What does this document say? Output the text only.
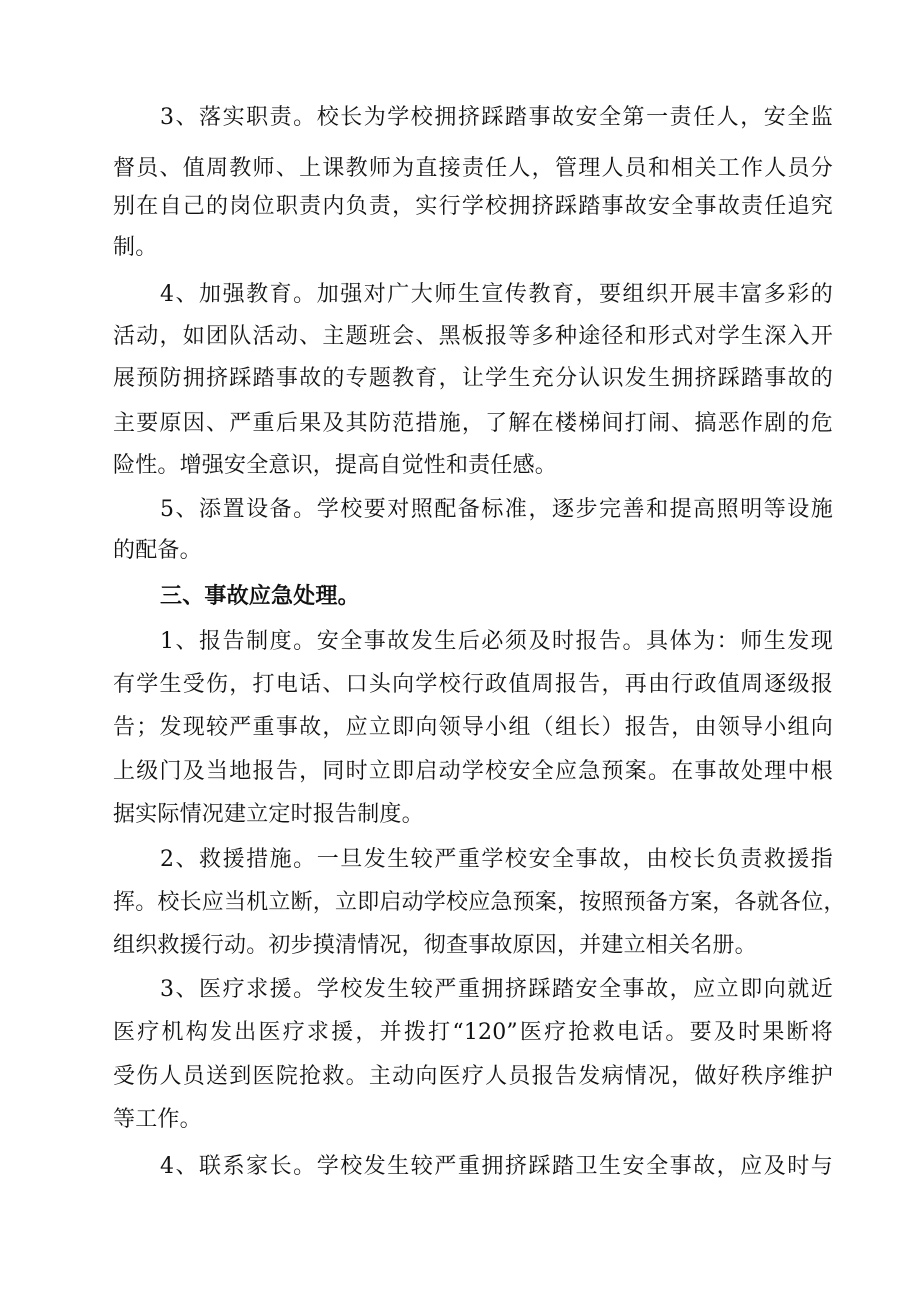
3、落实职责。校长为学校拥挤踩踏事故安全第一责任人，安全监
督员、值周教师、上课教师为直接责任人，管理人员和相关工作人员分
别在自己的岗位职责内负责，实行学校拥挤踩踏事故安全事故责任追究
制。
4、加强教育。加强对广大师生宣传教育，要组织开展丰富多彩的
活动，如团队活动、主题班会、黑板报等多种途径和形式对学生深入开
展预防拥挤踩踏事故的专题教育，让学生充分认识发生拥挤踩踏事故的
主要原因、严重后果及其防范措施，了解在楼梯间打闹、搞恶作剧的危
险性。增强安全意识，提高自觉性和责任感。
5、添置设备。学校要对照配备标准，逐步完善和提高照明等设施
的配备。
三、事故应急处理。
1、报告制度。安全事故发生后必须及时报告。具体为：师生发现
有学生受伤，打电话、口头向学校行政值周报告，再由行政值周逐级报
告；发现较严重事故，应立即向领导小组（组长）报告，由领导小组向
上级门及当地报告，同时立即启动学校安全应急预案。在事故处理中根
据实际情况建立定时报告制度。
2、救援措施。一旦发生较严重学校安全事故，由校长负责救援指
挥。校长应当机立断，立即启动学校应急预案，按照预备方案，各就各位，
组织救援行动。初步摸清情况，彻查事故原因，并建立相关名册。
3、医疗求援。学校发生较严重拥挤踩踏安全事故，应立即向就近
医疗机构发出医疗求援，并拨打“120”医疗抢救电话。要及时果断将
受伤人员送到医院抢救。主动向医疗人员报告发病情况，做好秩序维护
等工作。
4、联系家长。学校发生较严重拥挤踩踏卫生安全事故，应及时与
